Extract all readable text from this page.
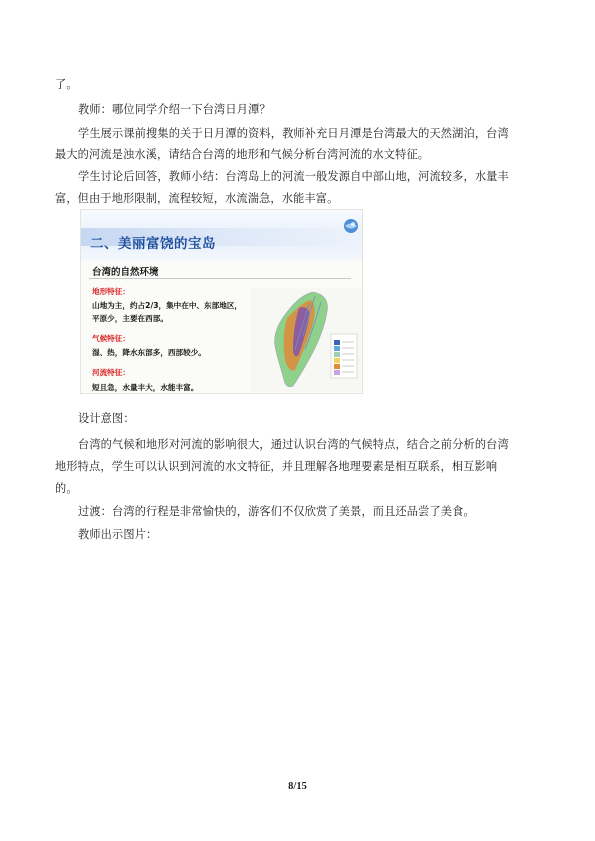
了。
教师：哪位同学介绍一下台湾日月潭？
学生展示课前搜集的关于日月潭的资料，教师补充日月潭是台湾最大的天然湖泊，台湾
最大的河流是浊水溪，请结合台湾的地形和气候分析台湾河流的水文特征。
学生讨论后回答，教师小结：台湾岛上的河流一般发源自中部山地，河流较多，水量丰
富，但由于地形限制，流程较短，水流湍急，水能丰富。
二、美丽富饶的宝岛
台湾的自然环境
地形特征：
山地为主，约占2/3，集中在中、东部地区，
平原少，主要在西部。
气候特征：
湿、热，降水东部多，西部较少。
河流特征：
短且急，水量丰大，水能丰富。
设计意图：
台湾的气候和地形对河流的影响很大，通过认识台湾的气候特点，结合之前分析的台湾
地形特点，学生可以认识到河流的水文特征，并且理解各地理要素是相互联系，相互影响
的。
过渡：台湾的行程是非常愉快的，游客们不仅欣赏了美景，而且还品尝了美食。
教师出示图片：
8/15
